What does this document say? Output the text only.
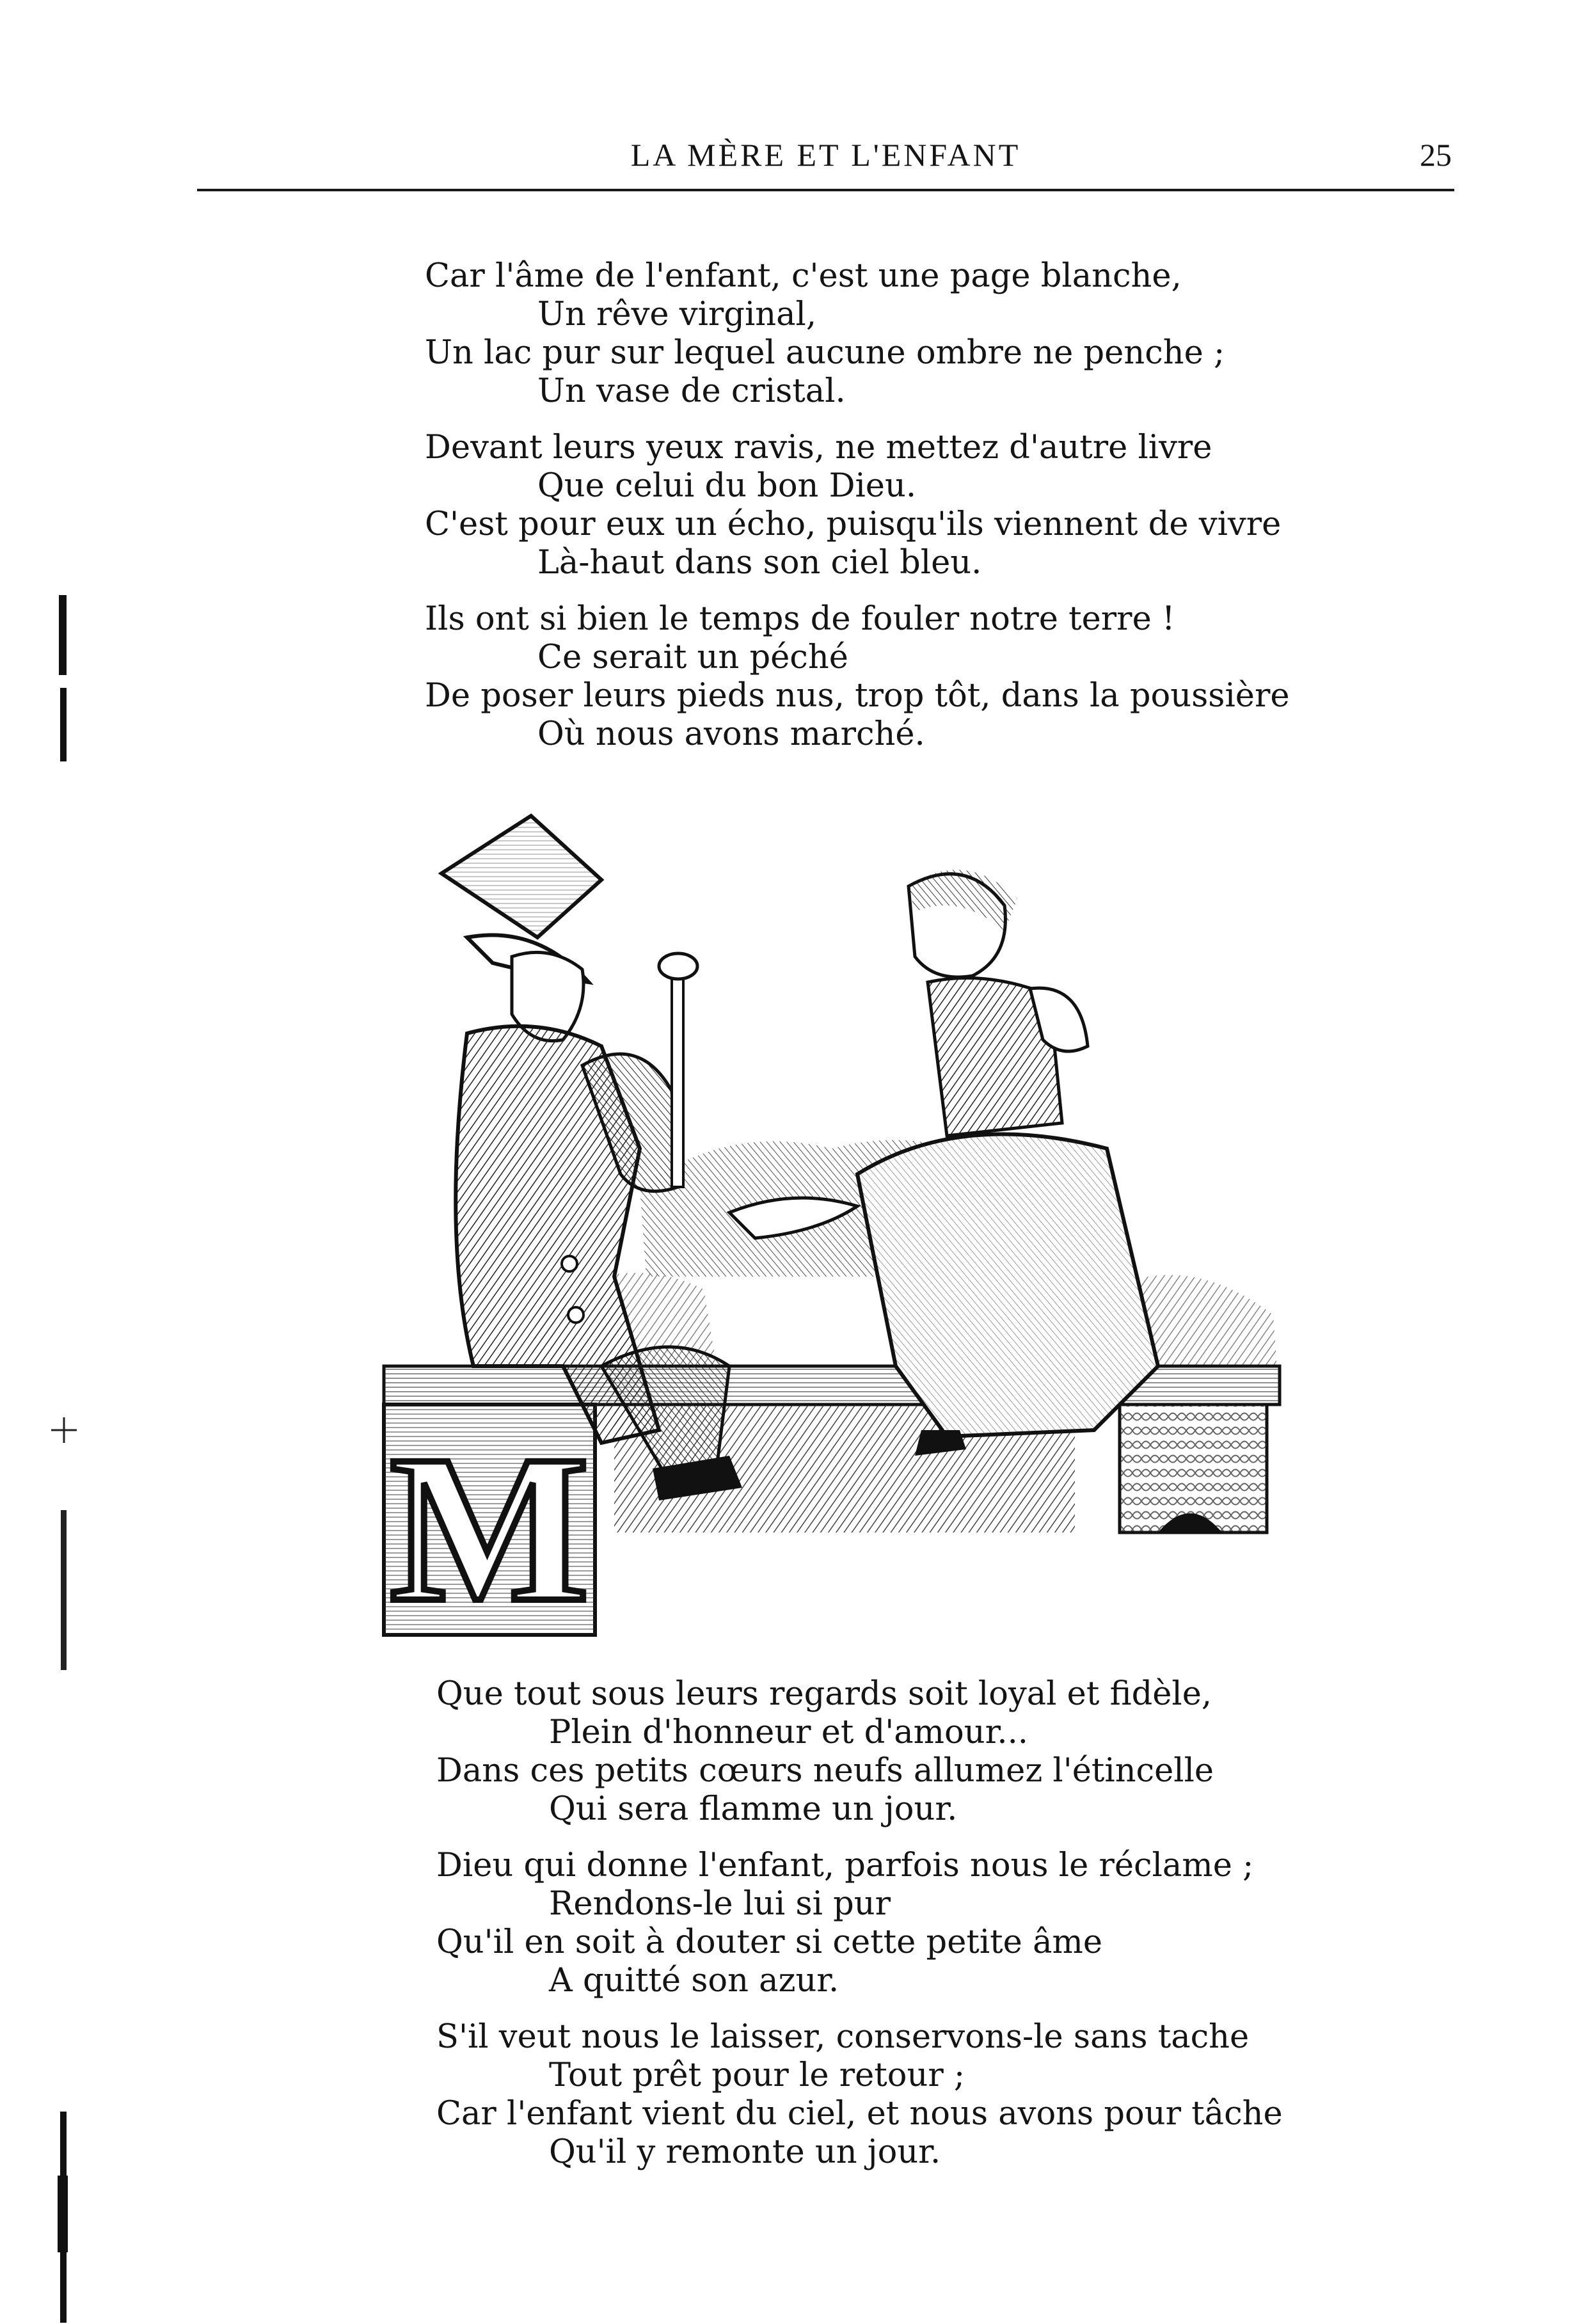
LA MÈRE ET L'ENFANT	25
Car l'âme de l'enfant, c'est une page blanche,
Un rêve virginal,
Un lac pur sur lequel aucune ombre ne penche ;
Un vase de cristal.
Devant leurs yeux ravis, ne mettez d'autre livre
Que celui du bon Dieu.
C'est pour eux un écho, puisqu'ils viennent de vivre
Là-haut dans son ciel bleu.
Ils ont si bien le temps de fouler notre terre !
Ce serait un péché
De poser leurs pieds nus, trop tôt, dans la poussière
Où nous avons marché.
M
Que tout sous leurs regards soit loyal et fidèle,
Plein d'honneur et d'amour...
Dans ces petits cœurs neufs allumez l'étincelle
Qui sera flamme un jour.
Dieu qui donne l'enfant, parfois nous le réclame ;
Rendons-le lui si pur
Qu'il en soit à douter si cette petite âme
A quitté son azur.
S'il veut nous le laisser, conservons-le sans tache
Tout prêt pour le retour ;
Car l'enfant vient du ciel, et nous avons pour tâche
Qu'il y remonte un jour.
